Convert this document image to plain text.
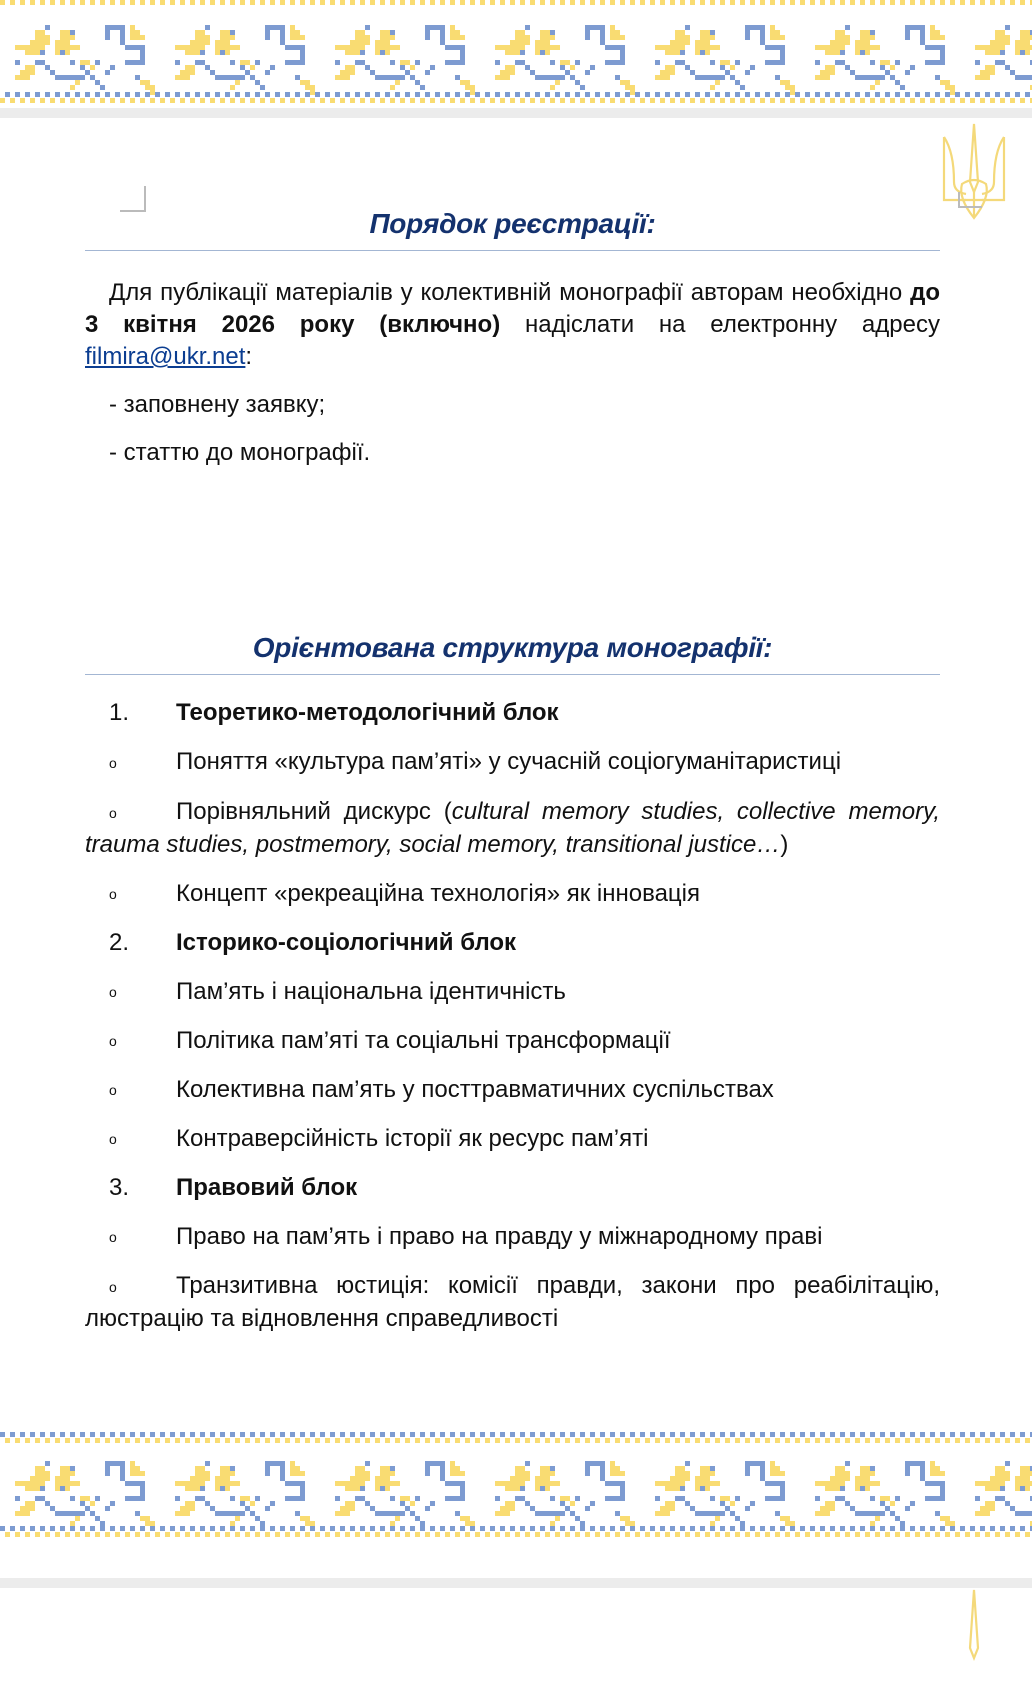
Порядок реєстрації:

Для публікації матеріалів у колективній монографії авторам необхідно до 3 квітня 2026 року (включно) надіслати на електронну адресу filmira@ukr.net:

- заповнену заявку;

- статтю до монографії.

Орієнтована структура монографії:
1.	Теоретико-методологічний блок

o Поняття «культура пам’яті» у сучасній соціогуманітаристиці

o Порівняльний дискурс (cultural memory studies, collective memory, trauma studies, postmemory, social memory, transitional justice…)

o	Концепт «рекреаційна технологія» як інновація

2.	Історико-соціологічний блок

o	Пам’ять і національна ідентичність

o	Політика пам’яті та соціальні трансформації

o	Колективна пам’ять у посттравматичних суспільствах

o	Контраверсійність історії як ресурс пам’яті

3.	Правовий блок

o	Право на пам’ять і право на правду у міжнародному праві

o Транзитивна юстиція: комісії правди, закони про реабілітацію, люстрацію та відновлення справедливості
